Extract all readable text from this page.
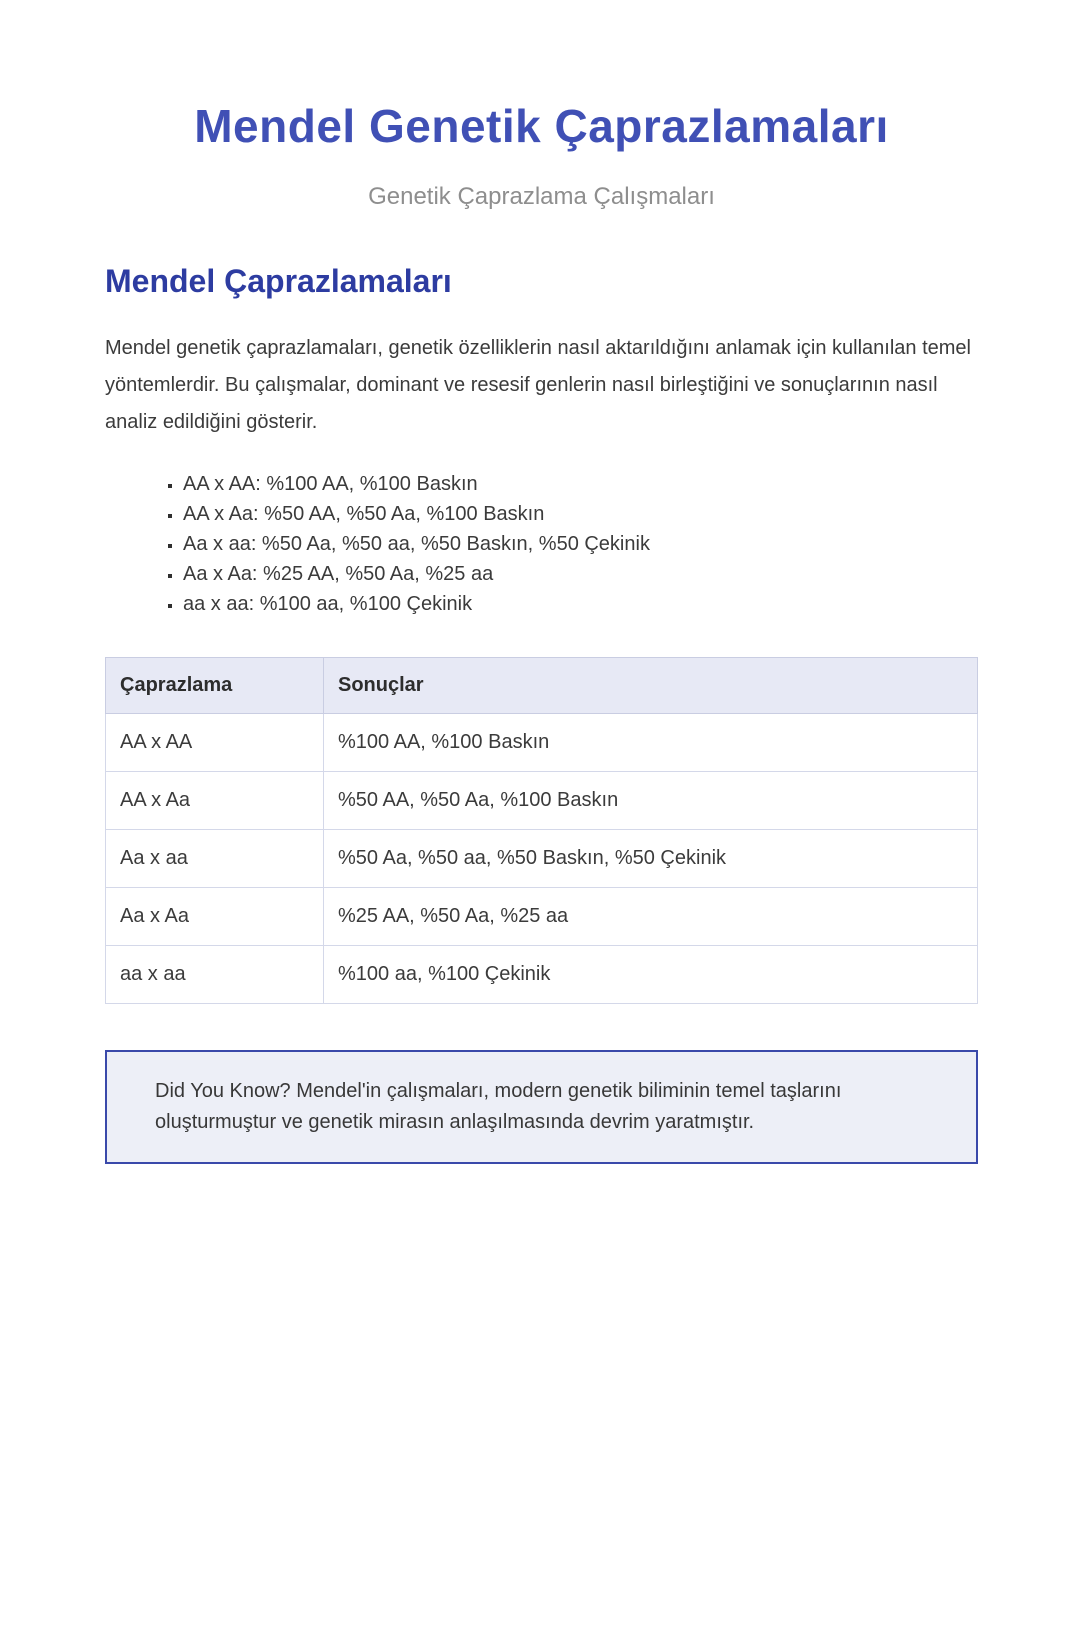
Mendel Genetik Çaprazlamaları
Genetik Çaprazlama Çalışmaları
Mendel Çaprazlamaları

Mendel genetik çaprazlamaları, genetik özelliklerin nasıl aktarıldığını anlamak için kullanılan temel yöntemlerdir. Bu çalışmalar, dominant ve resesif genlerin nasıl birleştiğini ve sonuçlarının nasıl analiz edildiğini gösterir.

▪ AA x AA: %100 AA, %100 Baskın
▪ AA x Aa: %50 AA, %50 Aa, %100 Baskın
▪ Aa x aa: %50 Aa, %50 aa, %50 Baskın, %50 Çekinik
▪ Aa x Aa: %25 AA, %50 Aa, %25 aa
▪ aa x aa: %100 aa, %100 Çekinik
Çaprazlama	Sonuçlar
AA x AA	%100 AA, %100 Baskın
AA x Aa	%50 AA, %50 Aa, %100 Baskın
Aa x aa	%50 Aa, %50 aa, %50 Baskın, %50 Çekinik
Aa x Aa	%25 AA, %50 Aa, %25 aa
aa x aa	%100 aa, %100 Çekinik
Did You Know? Mendel'in çalışmaları, modern genetik biliminin temel taşlarını oluşturmuştur ve genetik mirasın anlaşılmasında devrim yaratmıştır.
